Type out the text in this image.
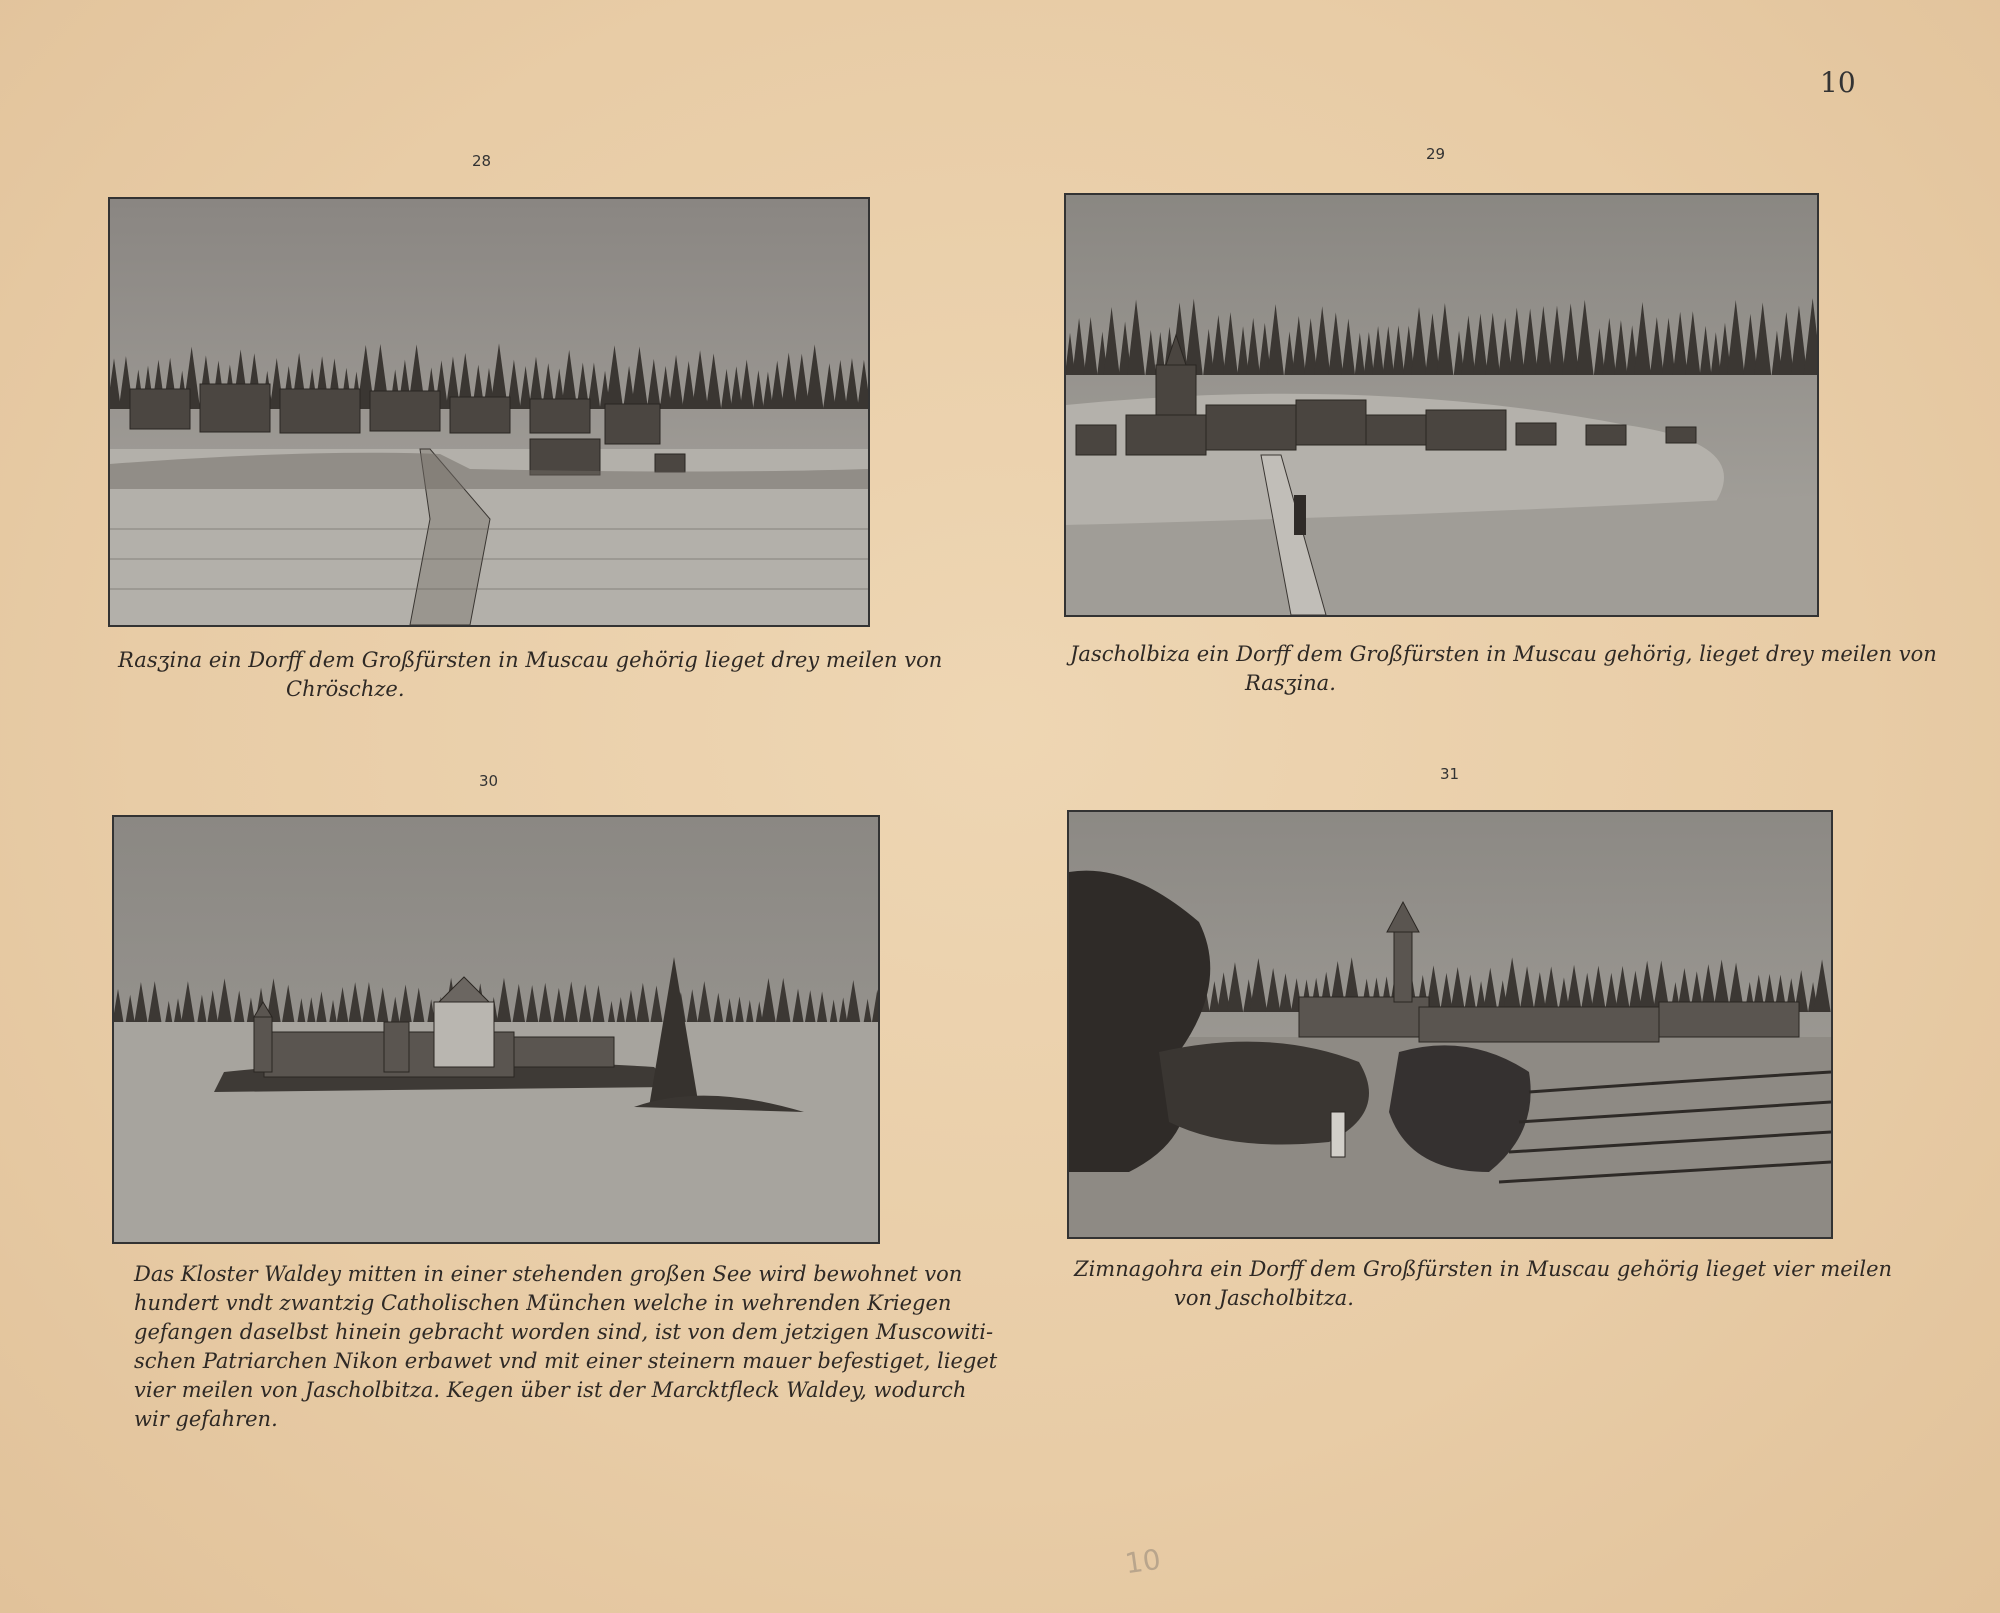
10
28
Rasʒina ein Dorff dem Großfürsten in Muscau gehörig lieget drey meilen von
Chröschze.
29
Jascholbiza ein Dorff dem Großfürsten in Muscau gehörig, lieget drey meilen von
Rasʒina.
30
Das Kloster Waldey mitten in einer stehenden großen See wird bewohnet von
hundert vndt zwantzig Catholischen München welche in wehrenden Kriegen
gefangen daselbst hinein gebracht worden sind, ist von dem jetzigen Muscowiti-
schen Patriarchen Nikon erbawet vnd mit einer steinern mauer befestiget, lieget
vier meilen von Jascholbitza. Kegen über ist der Marcktfleck Waldey, wodurch
wir gefahren.
31
Zimnagohra ein Dorff dem Großfürsten in Muscau gehörig lieget vier meilen
von Jascholbitza.
10
